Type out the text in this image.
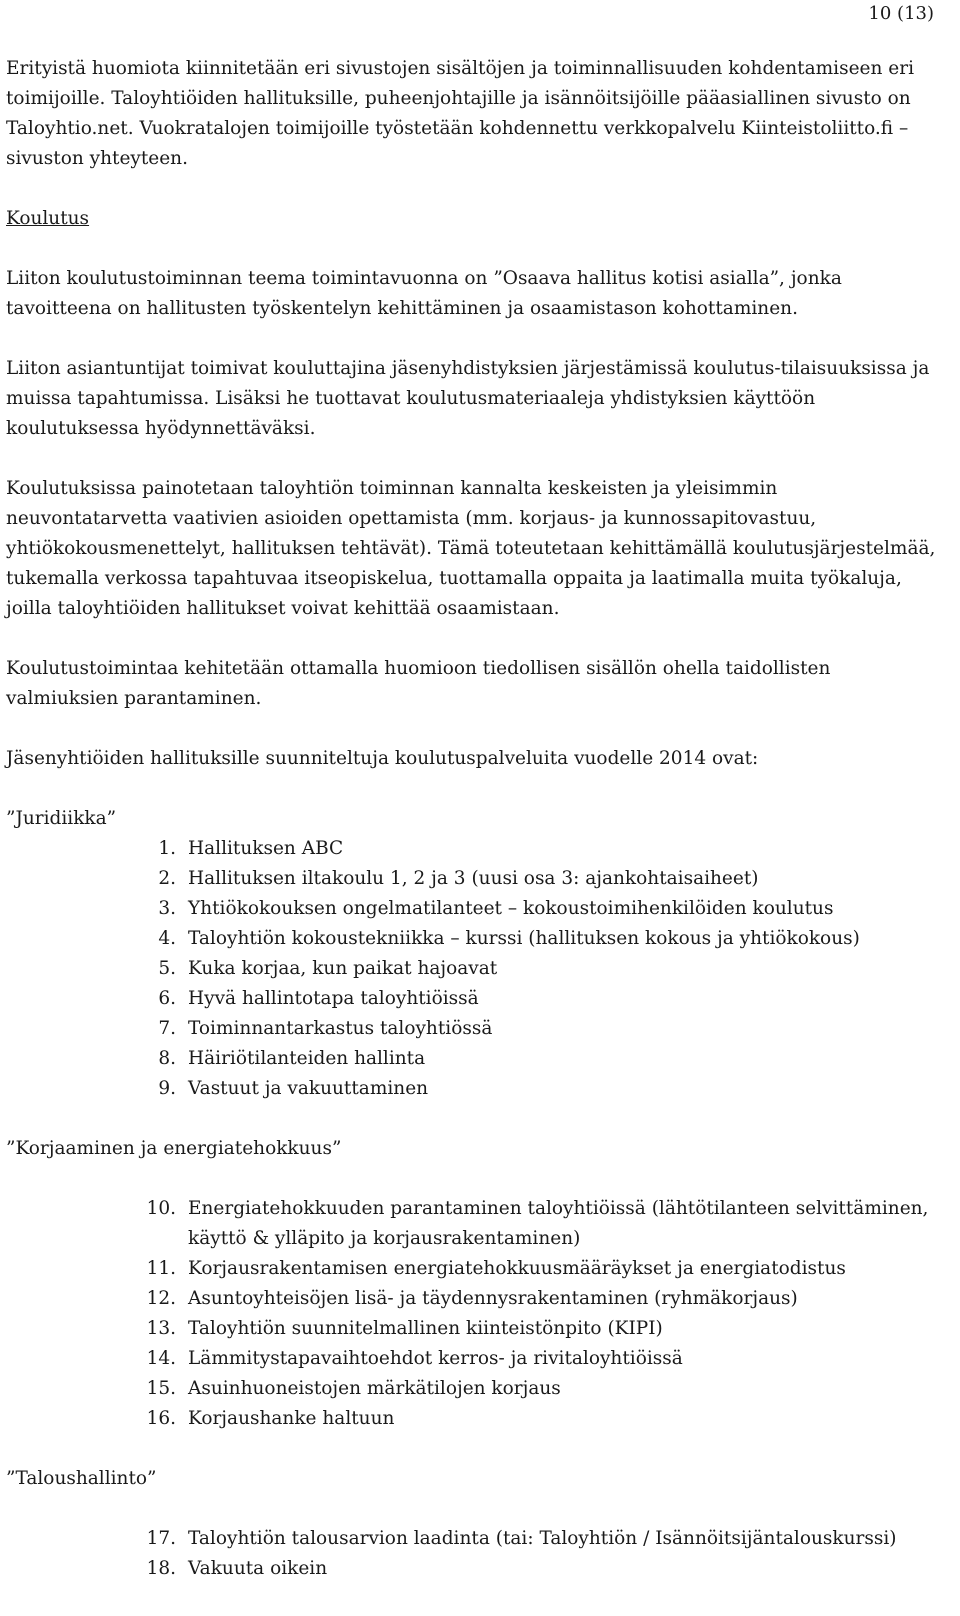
10 (13)

Erityistä huomiota kiinnitetään eri sivustojen sisältöjen ja toiminnallisuuden kohdentamiseen eri toimijoille. Taloyhtiöiden hallituksille, puheenjohtajille ja isännöitsijöille pääasiallinen sivusto on Taloyhtio.net. Vuokratalojen toimijoille työstetään kohdennettu verkkopalvelu Kiinteistoliitto.fi – sivuston yhteyteen.

Koulutus

Liiton koulutustoiminnan teema toimintavuonna on ”Osaava hallitus kotisi asialla”, jonka tavoitteena on hallitusten työskentelyn kehittäminen ja osaamistason kohottaminen.

Liiton asiantuntijat toimivat kouluttajina jäsenyhdistyksien järjestämissä koulutus-tilaisuuksissa ja muissa tapahtumissa. Lisäksi he tuottavat koulutusmateriaaleja yhdistyksien käyttöön koulutuksessa hyödynnettäväksi.

Koulutuksissa painotetaan taloyhtiön toiminnan kannalta keskeisten ja yleisimmin neuvontatarvetta vaativien asioiden opettamista (mm. korjaus- ja kunnossapitovastuu, yhtiökokousmenettelyt, hallituksen tehtävät). Tämä toteutetaan kehittämällä koulutusjärjestelmää, tukemalla verkossa tapahtuvaa itseopiskelua, tuottamalla oppaita ja laatimalla muita työkaluja, joilla taloyhtiöiden hallitukset voivat kehittää osaamistaan.

Koulutustoimintaa kehitetään ottamalla huomioon tiedollisen sisällön ohella taidollisten valmiuksien parantaminen.

Jäsenyhtiöiden hallituksille suunniteltuja koulutuspalveluita vuodelle 2014 ovat:

”Juridiikka”
1. Hallituksen ABC
2. Hallituksen iltakoulu 1, 2 ja 3 (uusi osa 3: ajankohtaisaiheet)
3. Yhtiökokouksen ongelmatilanteet – kokoustoimihenkilöiden koulutus
4. Taloyhtiön kokoustekniikka – kurssi (hallituksen kokous ja yhtiökokous)
5. Kuka korjaa, kun paikat hajoavat
6. Hyvä hallintotapa taloyhtiöissä
7. Toiminnantarkastus taloyhtiössä
8. Häiriötilanteiden hallinta
9. Vastuut ja vakuuttaminen
”Korjaaminen ja energiatehokkuus”
10. Energiatehokkuuden parantaminen taloyhtiöissä (lähtötilanteen selvittäminen, käyttö & ylläpito ja korjausrakentaminen)
11. Korjausrakentamisen energiatehokkuusmääräykset ja energiatodistus
12. Asuntoyhteisöjen lisä- ja täydennysrakentaminen (ryhmäkorjaus)
13. Taloyhtiön suunnitelmallinen kiinteistönpito (KIPI)
14. Lämmitystapavaihtoehdot kerros- ja rivitaloyhtiöissä
15. Asuinhuoneistojen märkätilojen korjaus
16. Korjaushanke haltuun
”Taloushallinto”
17. Taloyhtiön talousarvion laadinta (tai: Taloyhtiön / Isännöitsijäntalouskurssi)
18. Vakuuta oikein
